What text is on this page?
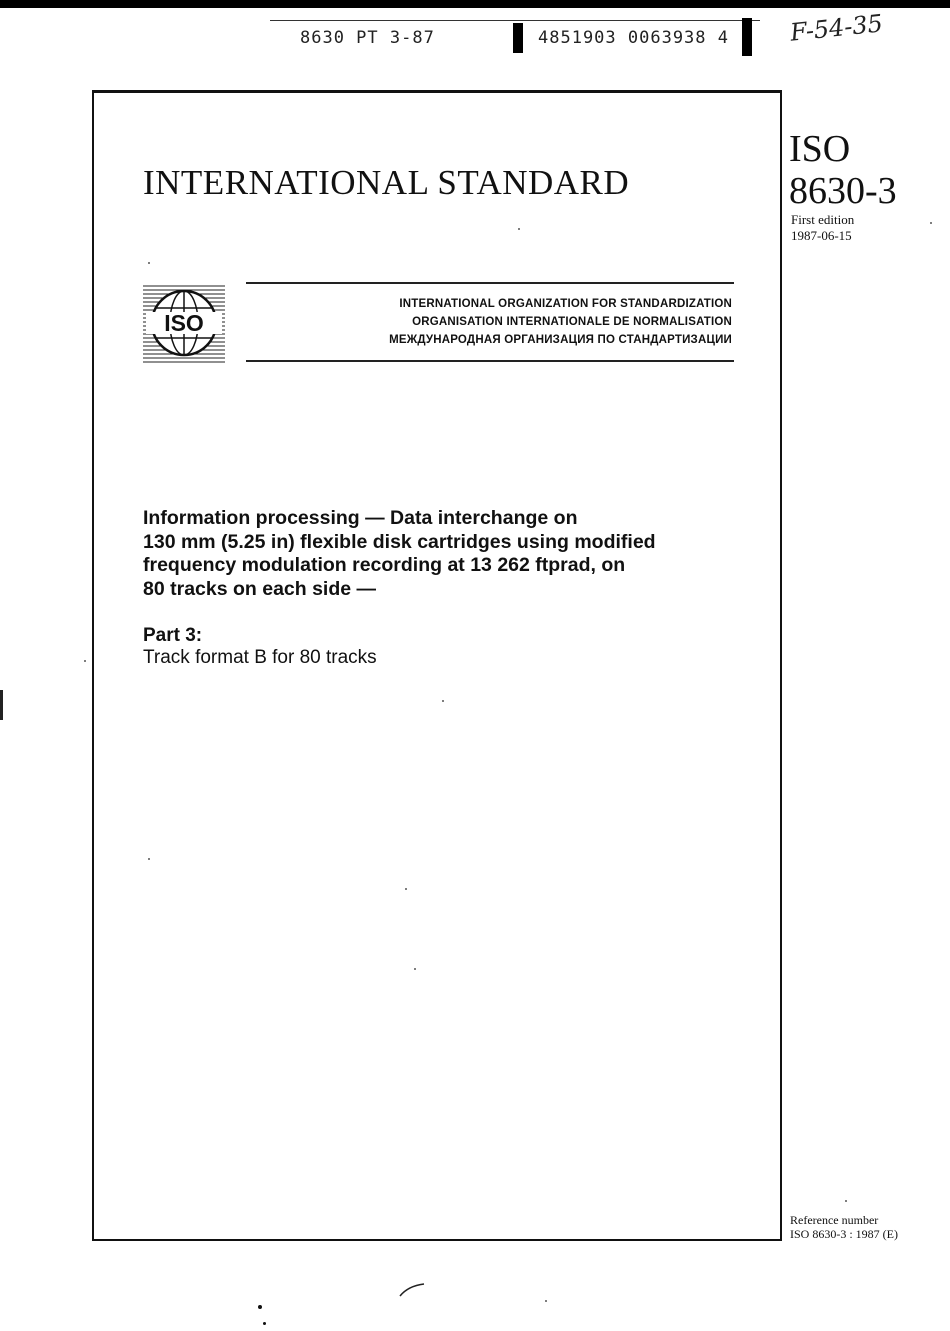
8630 PT 3-87	4851903 0063938 4 F-54-35
INTERNATIONAL STANDARD
ISO
8630-3
First edition
1987-06-15
ISO
INTERNATIONAL ORGANIZATION FOR STANDARDIZATION
ORGANISATION INTERNATIONALE DE NORMALISATION
МЕЖДУНАРОДНАЯ ОРГАНИЗАЦИЯ ПО СТАНДАРТИЗАЦИИ
Information processing — Data interchange on
130 mm (5.25 in) flexible disk cartridges using modified
frequency modulation recording at 13 262 ftprad, on
80 tracks on each side —
Part 3:
Track format B for 80 tracks
Reference number
ISO 8630-3 : 1987 (E)
